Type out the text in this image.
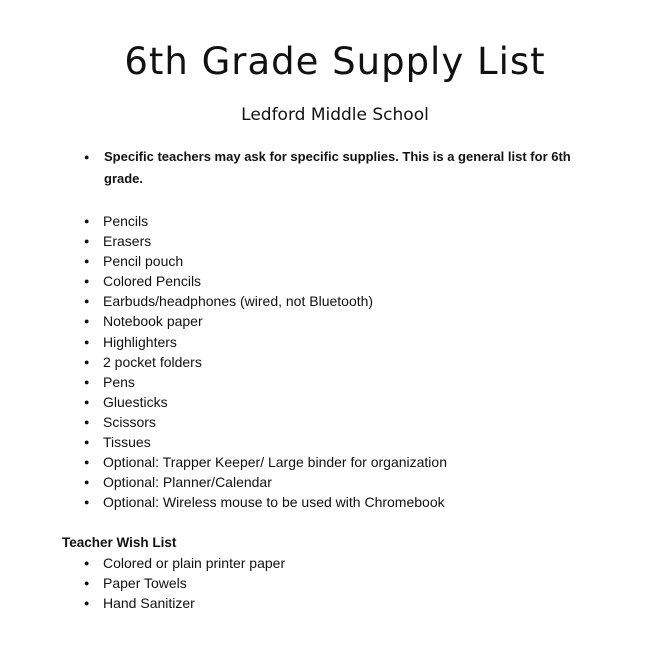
6th Grade Supply List
Ledford Middle School
● Specific teachers may ask for specific supplies. This is a general list for 6th grade.
● Pencils
● Erasers
● Pencil pouch
● Colored Pencils
● Earbuds/headphones (wired, not Bluetooth)
● Notebook paper
● Highlighters
● 2 pocket folders
● Pens
● Gluesticks
● Scissors
● Tissues
● Optional: Trapper Keeper/ Large binder for organization
● Optional: Planner/Calendar
● Optional: Wireless mouse to be used with Chromebook
Teacher Wish List
● Colored or plain printer paper
● Paper Towels
● Hand Sanitizer
